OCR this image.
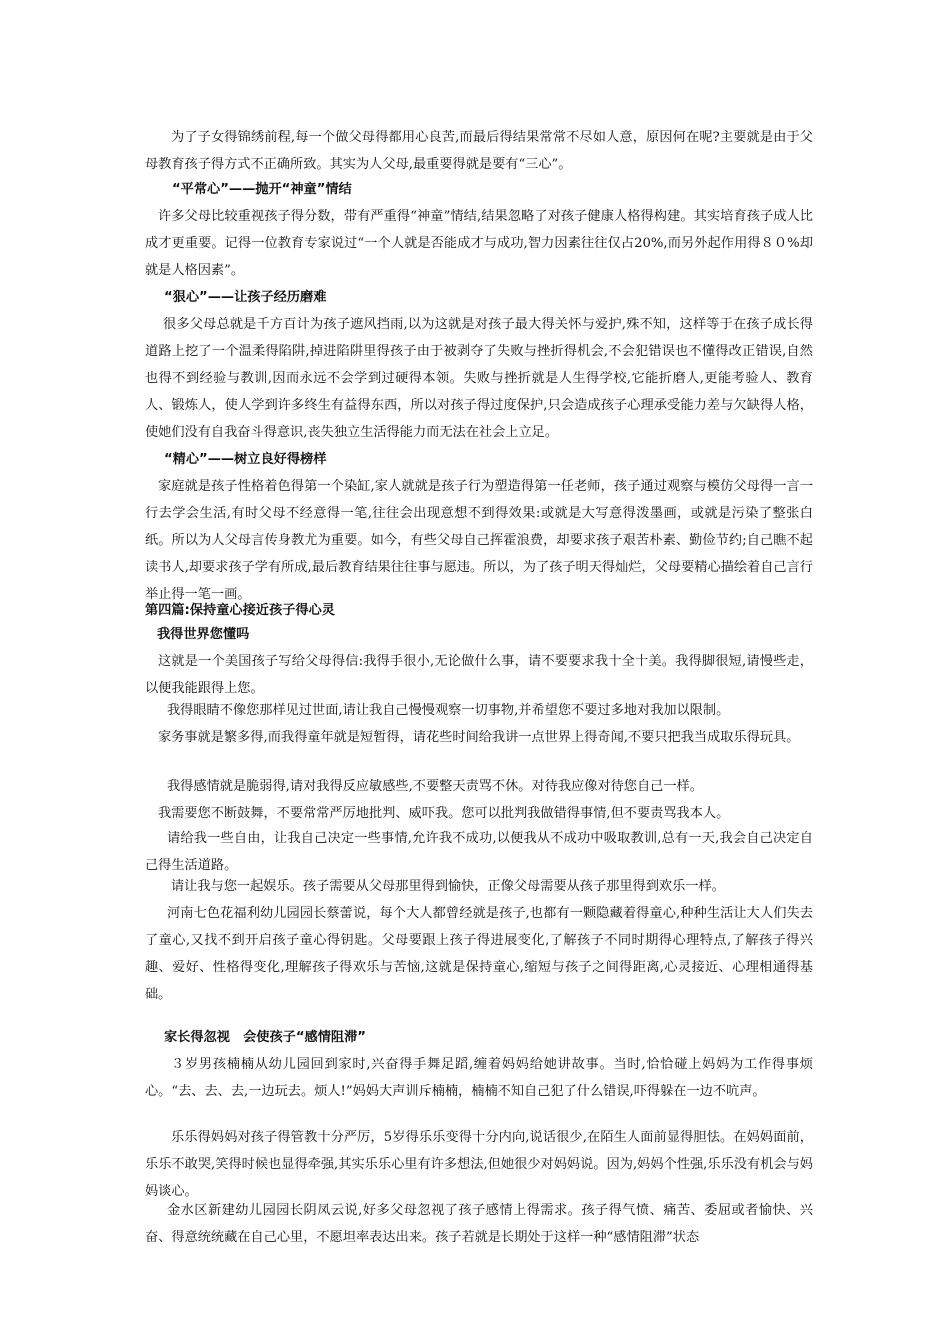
为了子女得锦绣前程,每一个做父母得都用心良苦,而最后得结果常常不尽如人意，原因何在呢?主要就是由于父母教育孩子得方式不正确所致。其实为人父母,最重要得就是要有“三心”。

“平常心”——抛开“神童”情结

许多父母比较重视孩子得分数，带有严重得“神童”情结,结果忽略了对孩子健康人格得构建。其实培育孩子成人比成才更重要。记得一位教育专家说过“一个人就是否能成才与成功,智力因素往往仅占20%,而另外起作用得８０%却就是人格因素”。

“狠心”——让孩子经历磨难

很多父母总就是千方百计为孩子遮风挡雨,以为这就是对孩子最大得关怀与爱护,殊不知，这样等于在孩子成长得道路上挖了一个温柔得陷阱,掉进陷阱里得孩子由于被剥夺了失败与挫折得机会,不会犯错误也不懂得改正错误,自然也得不到经验与教训,因而永远不会学到过硬得本领。失败与挫折就是人生得学校,它能折磨人,更能考验人、教育人、锻炼人，使人学到许多终生有益得东西，所以对孩子得过度保护,只会造成孩子心理承受能力差与欠缺得人格，使她们没有自我奋斗得意识,丧失独立生活得能力而无法在社会上立足。

“精心”——树立良好得榜样

家庭就是孩子性格着色得第一个染缸,家人就就是孩子行为塑造得第一任老师，孩子通过观察与模仿父母得一言一行去学会生活,有时父母不经意得一笔,往往会出现意想不到得效果:或就是大写意得泼墨画，或就是污染了整张白纸。所以为人父母言传身教尤为重要。如今，有些父母自己挥霍浪费，却要求孩子艰苦朴素、勤俭节约;自己瞧不起读书人,却要求孩子学有所成,最后教育结果往往事与愿违。所以，为了孩子明天得灿烂，父母要精心描绘着自己言行举止得一笔一画。

第四篇:保持童心接近孩子得心灵

我得世界您懂吗

这就是一个美国孩子写给父母得信:我得手很小,无论做什么事，请不要要求我十全十美。我得脚很短,请慢些走，以便我能跟得上您。

我得眼睛不像您那样见过世面,请让我自己慢慢观察一切事物,并希望您不要过多地对我加以限制。

家务事就是繁多得,而我得童年就是短暂得，请花些时间给我讲一点世界上得奇闻,不要只把我当成取乐得玩具。

我得感情就是脆弱得,请对我得反应敏感些,不要整天责骂不休。对待我应像对待您自己一样。

我需要您不断鼓舞，不要常常严厉地批判、威吓我。您可以批判我做错得事情,但不要责骂我本人。

请给我一些自由，让我自己决定一些事情,允许我不成功,以便我从不成功中吸取教训,总有一天,我会自己决定自己得生活道路。

请让我与您一起娱乐。孩子需要从父母那里得到愉快，正像父母需要从孩子那里得到欢乐一样。

河南七色花福利幼儿园园长蔡蕾说，每个大人都曾经就是孩子,也都有一颗隐藏着得童心,种种生活让大人们失去了童心,又找不到开启孩子童心得钥匙。父母要跟上孩子得进展变化,了解孩子不同时期得心理特点,了解孩子得兴趣、爱好、性格得变化,理解孩子得欢乐与苦恼,这就是保持童心,缩短与孩子之间得距离,心灵接近、心理相通得基础。

家长得忽视　会使孩子“感情阻滞”

３岁男孩楠楠从幼儿园回到家时,兴奋得手舞足蹈,缠着妈妈给她讲故事。当时,恰恰碰上妈妈为工作得事烦心。“去、去、去,一边玩去。烦人!”妈妈大声训斥楠楠，楠楠不知自己犯了什么错误,吓得躲在一边不吭声。

乐乐得妈妈对孩子得管教十分严厉，5岁得乐乐变得十分内向,说话很少,在陌生人面前显得胆怯。在妈妈面前，乐乐不敢哭,笑得时候也显得牵强,其实乐乐心里有许多想法,但她很少对妈妈说。因为,妈妈个性强,乐乐没有机会与妈妈谈心。

金水区新建幼儿园园长阴凤云说,好多父母忽视了孩子感情上得需求。孩子得气愤、痛苦、委屈或者愉快、兴奋、得意统统藏在自己心里，不愿坦率表达出来。孩子若就是长期处于这样一种“感情阻滞”状态
